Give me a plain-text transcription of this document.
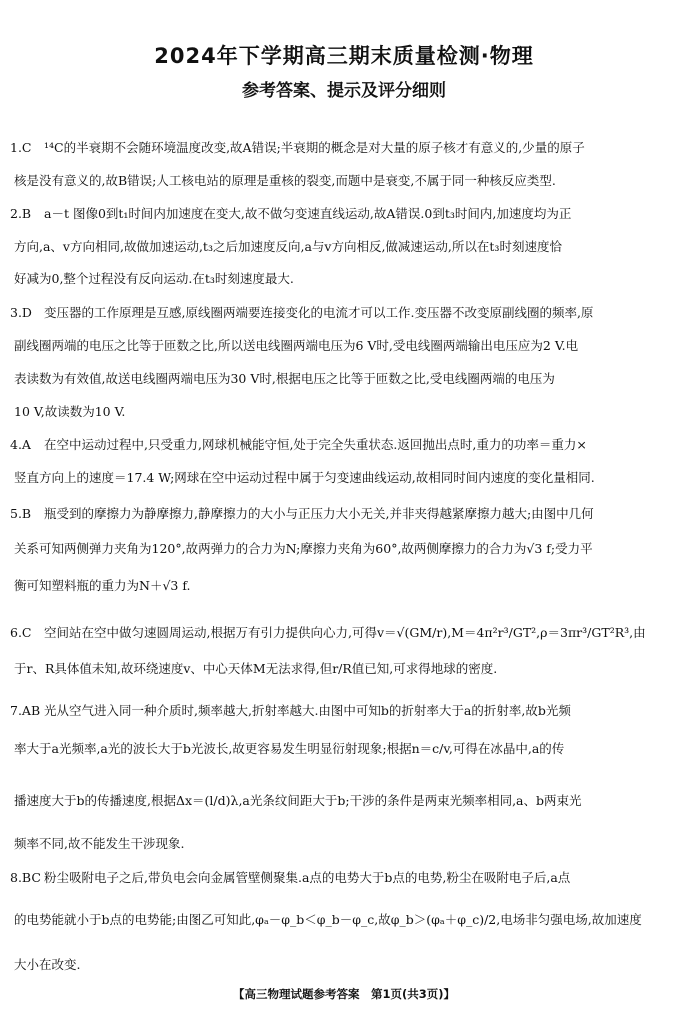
2024年下学期高三期末质量检测·物理
参考答案、提示及评分细则
1.C ¹⁴C的半衰期不会随环境温度改变,故A错误;半衰期的概念是对大量的原子核才有意义的,少量的原子
核是没有意义的,故B错误;人工核电站的原理是重核的裂变,而题中是衰变,不属于同一种核反应类型.
2.B a－t 图像0到t₁时间内加速度在变大,故不做匀变速直线运动,故A错误.0到t₃时间内,加速度均为正
方向,a、v方向相同,故做加速运动,t₃之后加速度反向,a与v方向相反,做减速运动,所以在t₃时刻速度恰
好减为0,整个过程没有反向运动.在t₃时刻速度最大.
3.D 变压器的工作原理是互感,原线圈两端要连接变化的电流才可以工作.变压器不改变原副线圈的频率,原
副线圈两端的电压之比等于匝数之比,所以送电线圈两端电压为6 V时,受电线圈两端输出电压应为2 V.电
表读数为有效值,故送电线圈两端电压为30 V时,根据电压之比等于匝数之比,受电线圈两端的电压为
10 V,故读数为10 V.
4.A 在空中运动过程中,只受重力,网球机械能守恒,处于完全失重状态.返回抛出点时,重力的功率＝重力×
竖直方向上的速度＝17.4 W;网球在空中运动过程中属于匀变速曲线运动,故相同时间内速度的变化量相同.
5.B 瓶受到的摩擦力为静摩擦力,静摩擦力的大小与正压力大小无关,并非夹得越紧摩擦力越大;由图中几何
关系可知两侧弹力夹角为120°,故两弹力的合力为N;摩擦力夹角为60°,故两侧摩擦力的合力为√3 f;受力平
衡可知塑料瓶的重力为N＋√3 f.
6.C 空间站在空中做匀速圆周运动,根据万有引力提供向心力,可得v＝√(GM/r),M＝4π²r³/GT²,ρ＝3πr³/GT²R³,由
于r、R具体值未知,故环绕速度v、中心天体M无法求得,但r/R值已知,可求得地球的密度.
7.AB 光从空气进入同一种介质时,频率越大,折射率越大.由图中可知b的折射率大于a的折射率,故b光频
率大于a光频率,a光的波长大于b光波长,故更容易发生明显衍射现象;根据n＝c/v,可得在冰晶中,a的传
播速度大于b的传播速度,根据Δx＝(l/d)λ,a光条纹间距大于b;干涉的条件是两束光频率相同,a、b两束光
频率不同,故不能发生干涉现象.
8.BC 粉尘吸附电子之后,带负电会向金属管壁侧聚集.a点的电势大于b点的电势,粉尘在吸附电子后,a点
的电势能就小于b点的电势能;由图乙可知此,φₐ－φ_b＜φ_b－φ_c,故φ_b＞(φₐ＋φ_c)/2,电场非匀强电场,故加速度
大小在改变.
【高三物理试题参考答案　第1页(共3页)】
